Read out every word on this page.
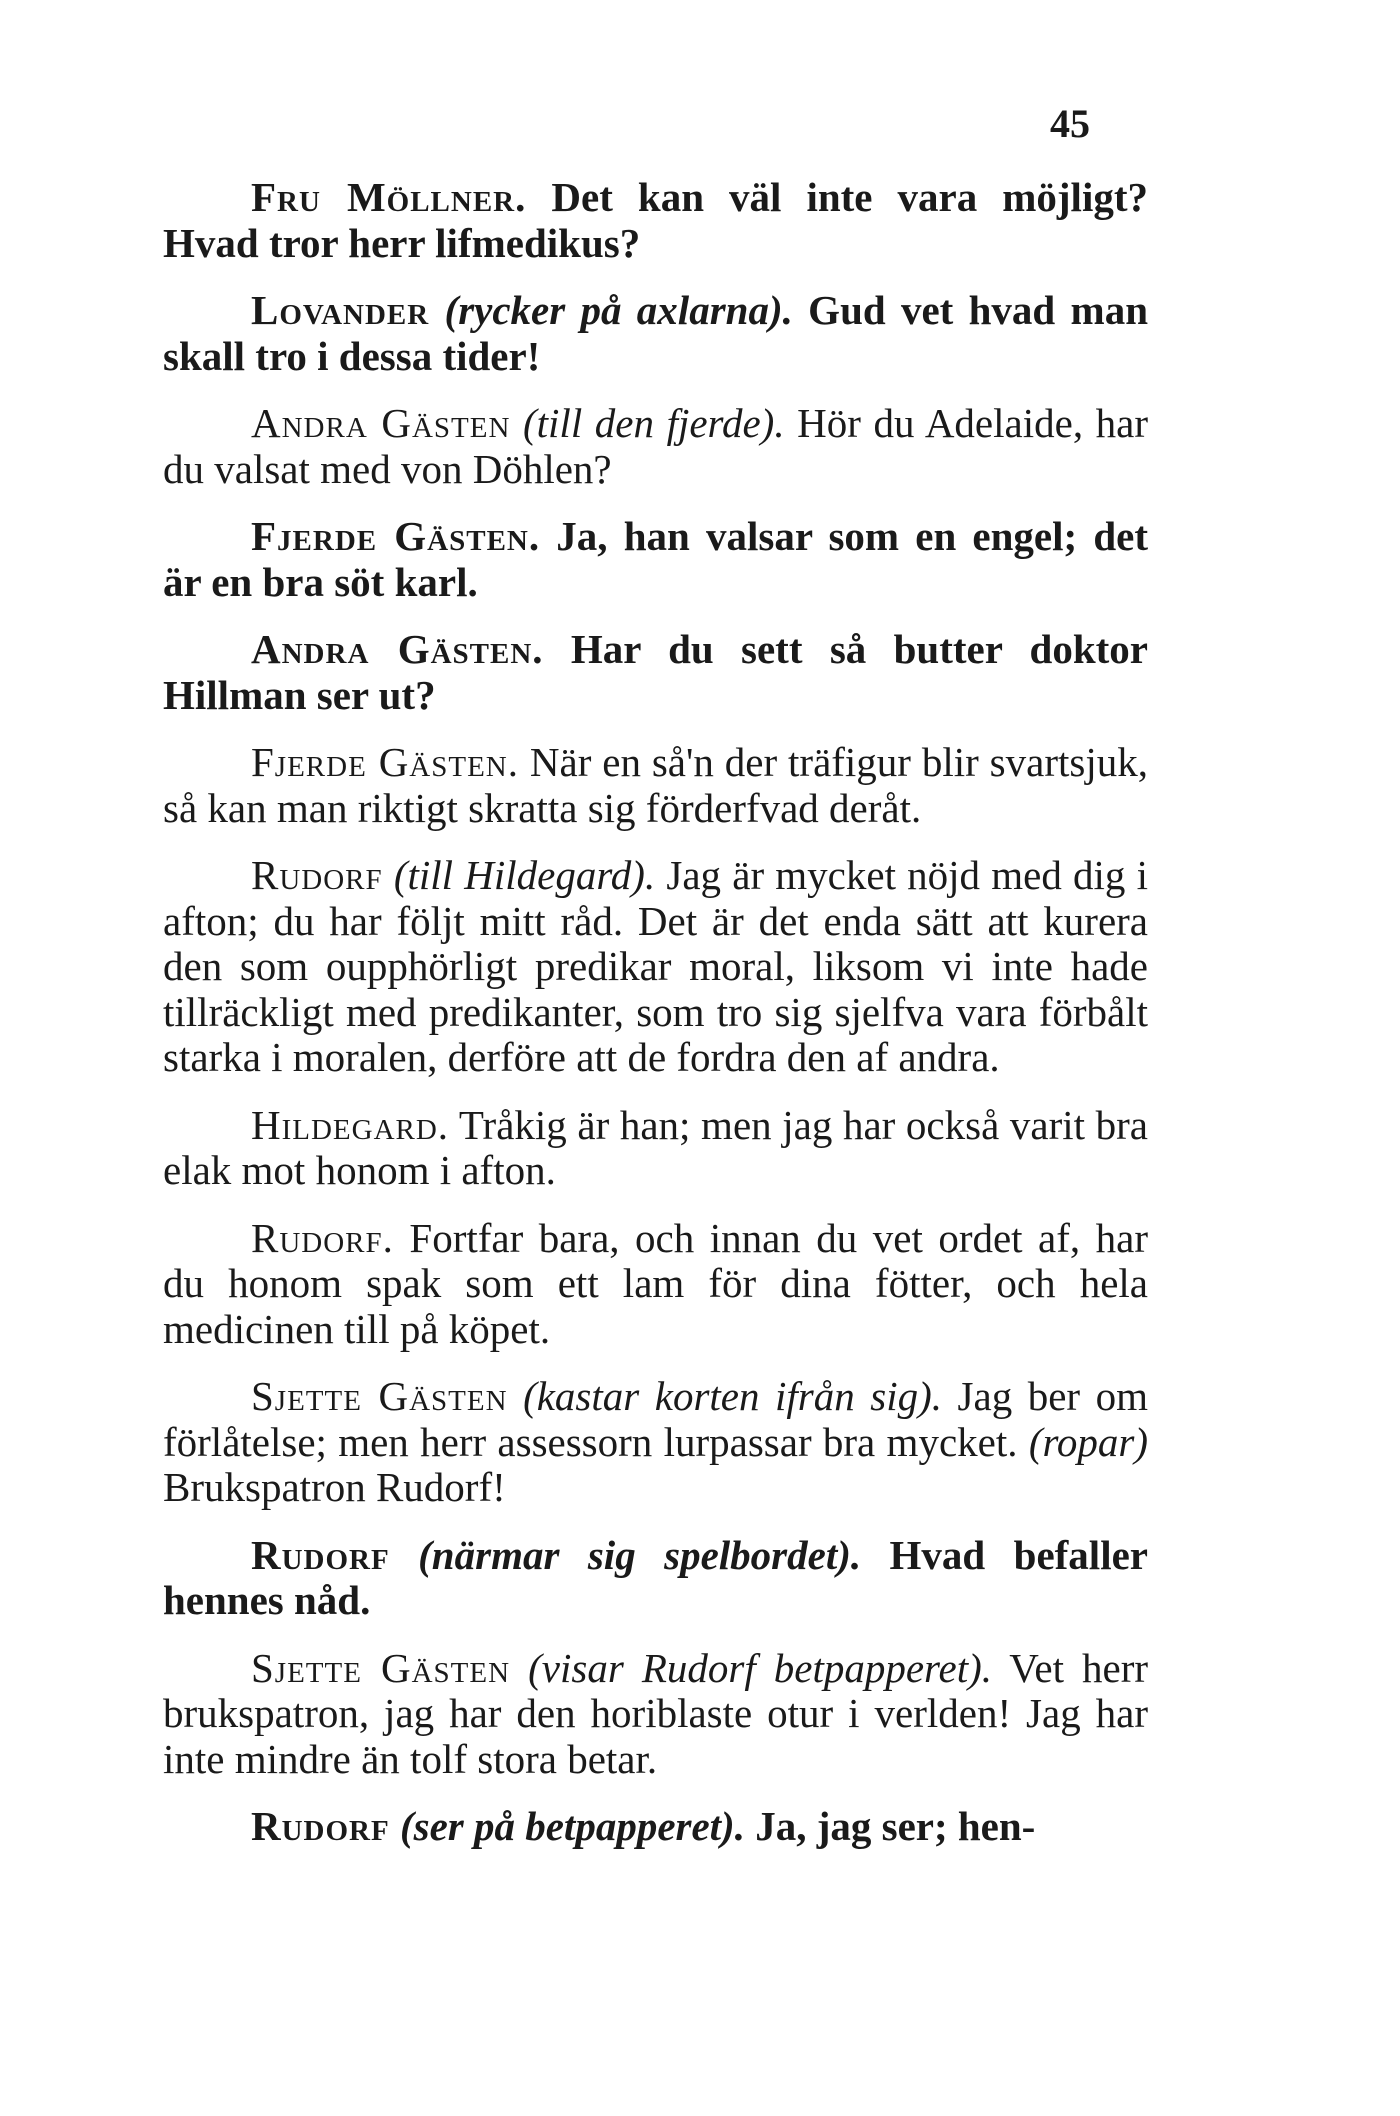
45

Fru Möllner. Det kan väl inte vara möjligt? Hvad tror herr lifmedikus?

Lovander (rycker på axlarna). Gud vet hvad man skall tro i dessa tider!

Andra Gästen (till den fjerde). Hör du Adelaide, har du valsat med von Döhlen?

Fjerde Gästen. Ja, han valsar som en engel; det är en bra söt karl.

Andra Gästen. Har du sett så butter doktor Hillman ser ut?

Fjerde Gästen. När en så'n der träfigur blir svartsjuk, så kan man riktigt skratta sig förderfvad deråt.

Rudorf (till Hildegard). Jag är mycket nöjd med dig i afton; du har följt mitt råd. Det är det enda sätt att kurera den som oupphörligt predikar moral, liksom vi inte hade tillräckligt med predikanter, som tro sig sjelfva vara förbålt starka i moralen, derföre att de fordra den af andra.

Hildegard. Tråkig är han; men jag har också varit bra elak mot honom i afton.

Rudorf. Fortfar bara, och innan du vet ordet af, har du honom spak som ett lam för dina fötter, och hela medicinen till på köpet.

Sjette Gästen (kastar korten ifrån sig). Jag ber om förlåtelse; men herr assessorn lurpassar bra mycket. (ropar) Brukspatron Rudorf!

Rudorf (närmar sig spelbordet). Hvad befaller hennes nåd.

Sjette Gästen (visar Rudorf betpapperet). Vet herr brukspatron, jag har den horiblaste otur i verlden! Jag har inte mindre än tolf stora betar.

Rudorf (ser på betpapperet). Ja, jag ser; hen-
